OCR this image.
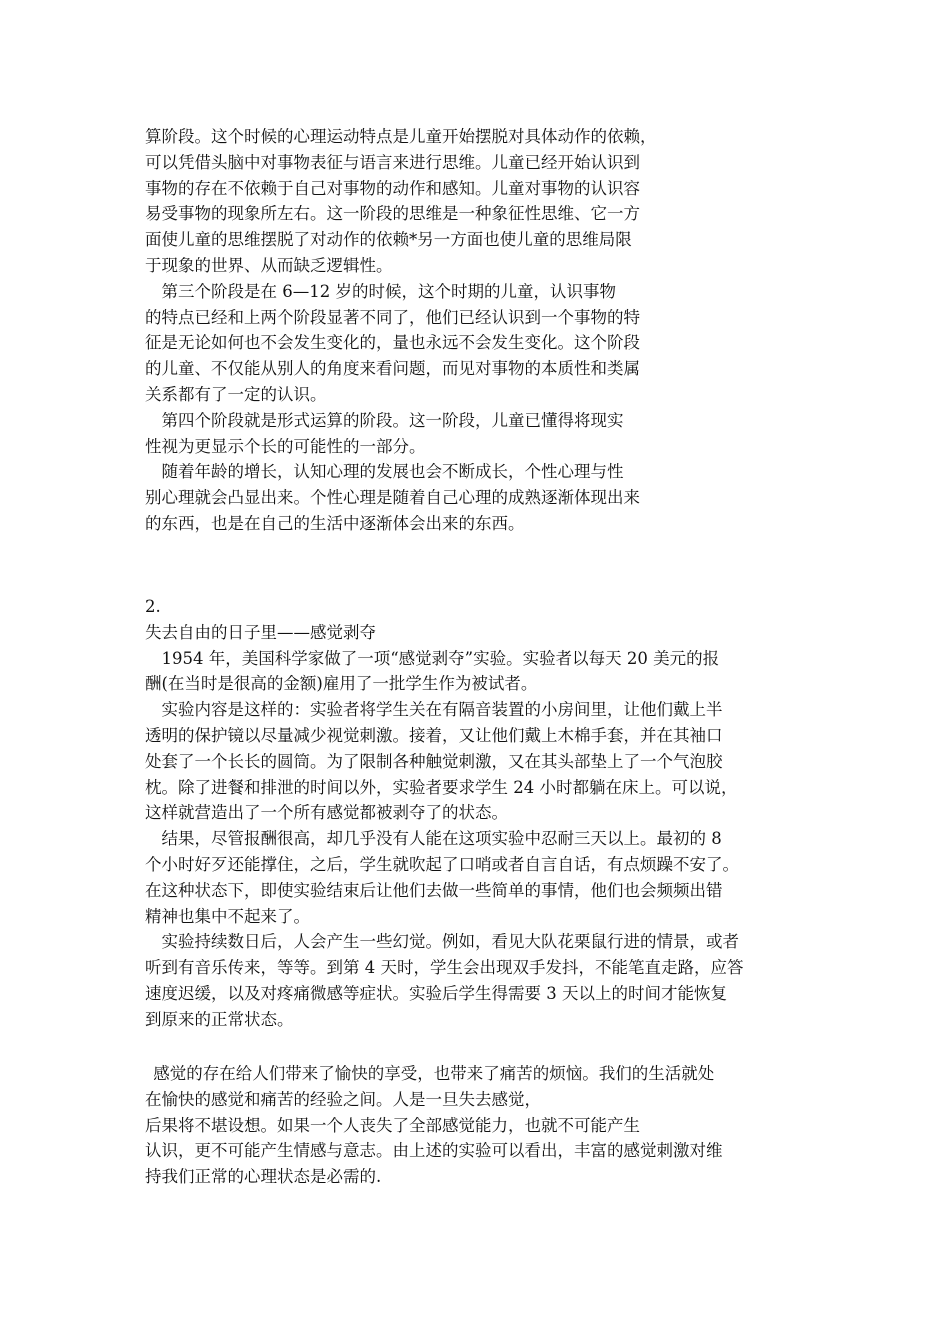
算阶段。这个时候的心理运动特点是儿童开始摆脱对具体动作的依赖，
可以凭借头脑中对事物表征与语言来进行思维。儿童已经开始认识到
事物的存在不依赖于自己对事物的动作和感知。儿童对事物的认识容
易受事物的现象所左右。这一阶段的思维是一种象征性思维、它一方
面使儿童的思维摆脱了对动作的依赖*另一方面也使儿童的思维局限
于现象的世界、从而缺乏逻辑性。
　第三个阶段是在 6—12 岁的时候，这个时期的儿童，认识事物
的特点已经和上两个阶段显著不同了，他们已经认识到一个事物的特
征是无论如何也不会发生变化的，量也永远不会发生变化。这个阶段
的儿童、不仅能从别人的角度来看问题，而见对事物的本质性和类属
关系都有了一定的认识。
　第四个阶段就是形式运算的阶段。这一阶段，儿童已懂得将现实
性视为更显示个长的可能性的一部分。
　随着年龄的增长，认知心理的发展也会不断成长，个性心理与性
别心理就会凸显出来。个性心理是随着自己心理的成熟逐渐体现出来
的东西，也是在自己的生活中逐渐体会出来的东西。
2.
失去自由的日子里——感觉剥夺
　1954 年，美国科学家做了一项“感觉剥夺”实验。实验者以每天 20 美元的报
酬(在当时是很高的金额)雇用了一批学生作为被试者。
　实验内容是这样的：实验者将学生关在有隔音装置的小房间里，让他们戴上半
透明的保护镜以尽量减少视觉刺激。接着，又让他们戴上木棉手套，并在其袖口
处套了一个长长的圆筒。为了限制各种触觉刺激，又在其头部垫上了一个气泡胶
枕。除了进餐和排泄的时间以外，实验者要求学生 24 小时都躺在床上。可以说，
这样就营造出了一个所有感觉都被剥夺了的状态。
　结果，尽管报酬很高，却几乎没有人能在这项实验中忍耐三天以上。最初的 8
个小时好歹还能撑住，之后，学生就吹起了口哨或者自言自话，有点烦躁不安了。
在这种状态下，即使实验结束后让他们去做一些简单的事情，他们也会频频出错
精神也集中不起来了。
　实验持续数日后，人会产生一些幻觉。例如，看见大队花栗鼠行进的情景，或者
听到有音乐传来，等等。到第 4 天时，学生会出现双手发抖，不能笔直走路，应答
速度迟缓，以及对疼痛微感等症状。实验后学生得需要 3 天以上的时间才能恢复
到原来的正常状态。
 感觉的存在给人们带来了愉快的享受，也带来了痛苦的烦恼。我们的生活就处
在愉快的感觉和痛苦的经验之间。人是一旦失去感觉，
后果将不堪设想。如果一个人丧失了全部感觉能力，也就不可能产生
认识，更不可能产生情感与意志。由上述的实验可以看出，丰富的感觉刺激对维
持我们正常的心理状态是必需的.
